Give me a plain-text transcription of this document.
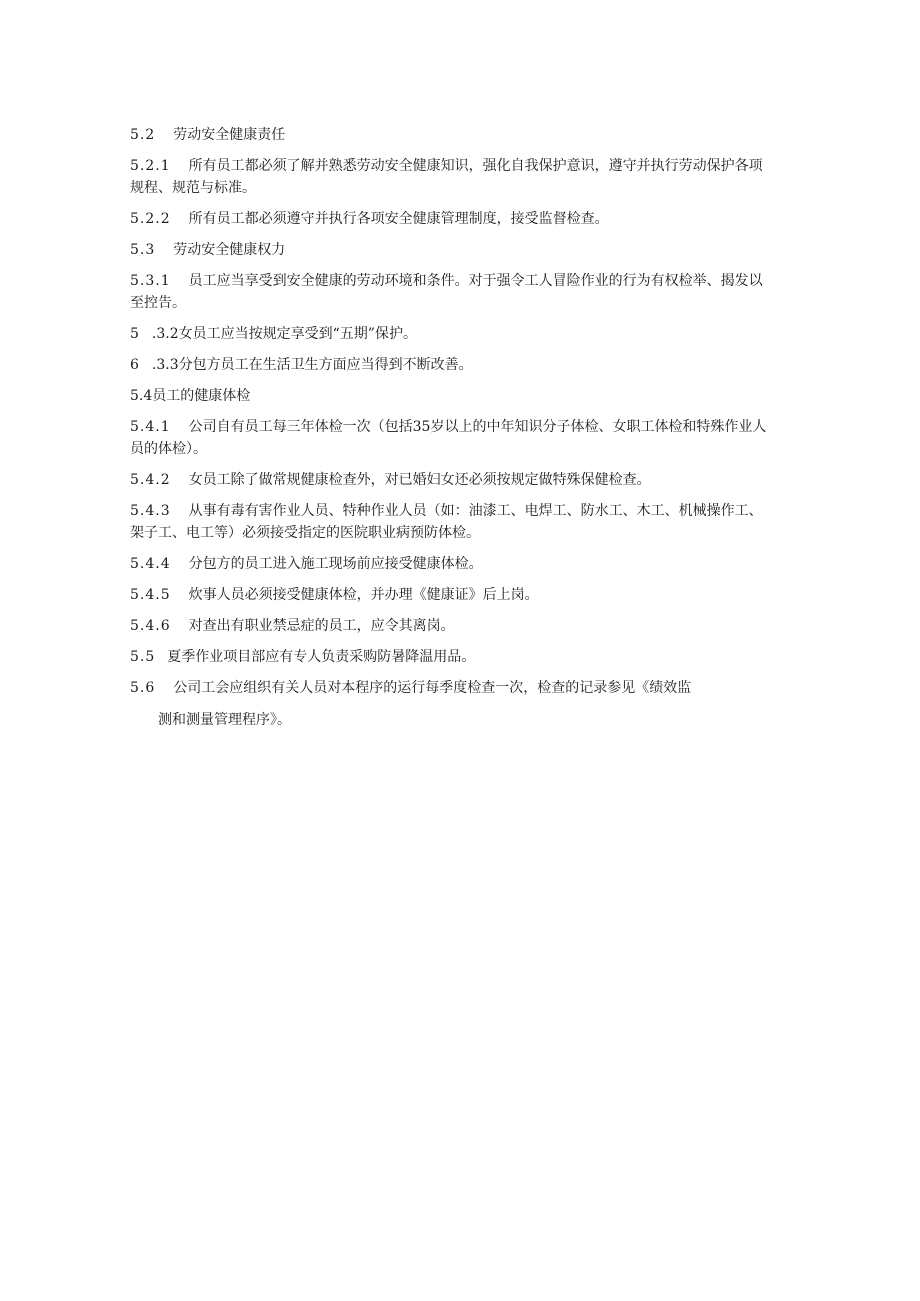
5.2 劳动安全健康责任

5.2.1 所有员工都必须了解并熟悉劳动安全健康知识，强化自我保护意识，遵守并执行劳动保护各项

规程、规范与标准。

5.2.2 所有员工都必须遵守并执行各项安全健康管理制度，接受监督检查。

5.3 劳动安全健康权力

5.3.1 员工应当享受到安全健康的劳动环境和条件。对于强令工人冒险作业的行为有权检举、揭发以

至控告。

5 .3.2女员工应当按规定享受到“五期”保护。

6 .3.3分包方员工在生活卫生方面应当得到不断改善。

5.4员工的健康体检

5.4.1 公司自有员工每三年体检一次（包括35岁以上的中年知识分子体检、女职工体检和特殊作业人

员的体检）。

5.4.2 女员工除了做常规健康检查外，对已婚妇女还必须按规定做特殊保健检查。

5.4.3 从事有毒有害作业人员、特种作业人员（如：油漆工、电焊工、防水工、木工、机械操作工、

架子工、电工等）必须接受指定的医院职业病预防体检。

5.4.4 分包方的员工进入施工现场前应接受健康体检。

5.4.5 炊事人员必须接受健康体检，并办理《健康证》后上岗。

5.4.6 对查出有职业禁忌症的员工，应令其离岗。

5.5 夏季作业项目部应有专人负责采购防暑降温用品。

5.6 公司工会应组织有关人员对本程序的运行每季度检查一次，检查的记录参见《绩效监

测和测量管理程序》。
